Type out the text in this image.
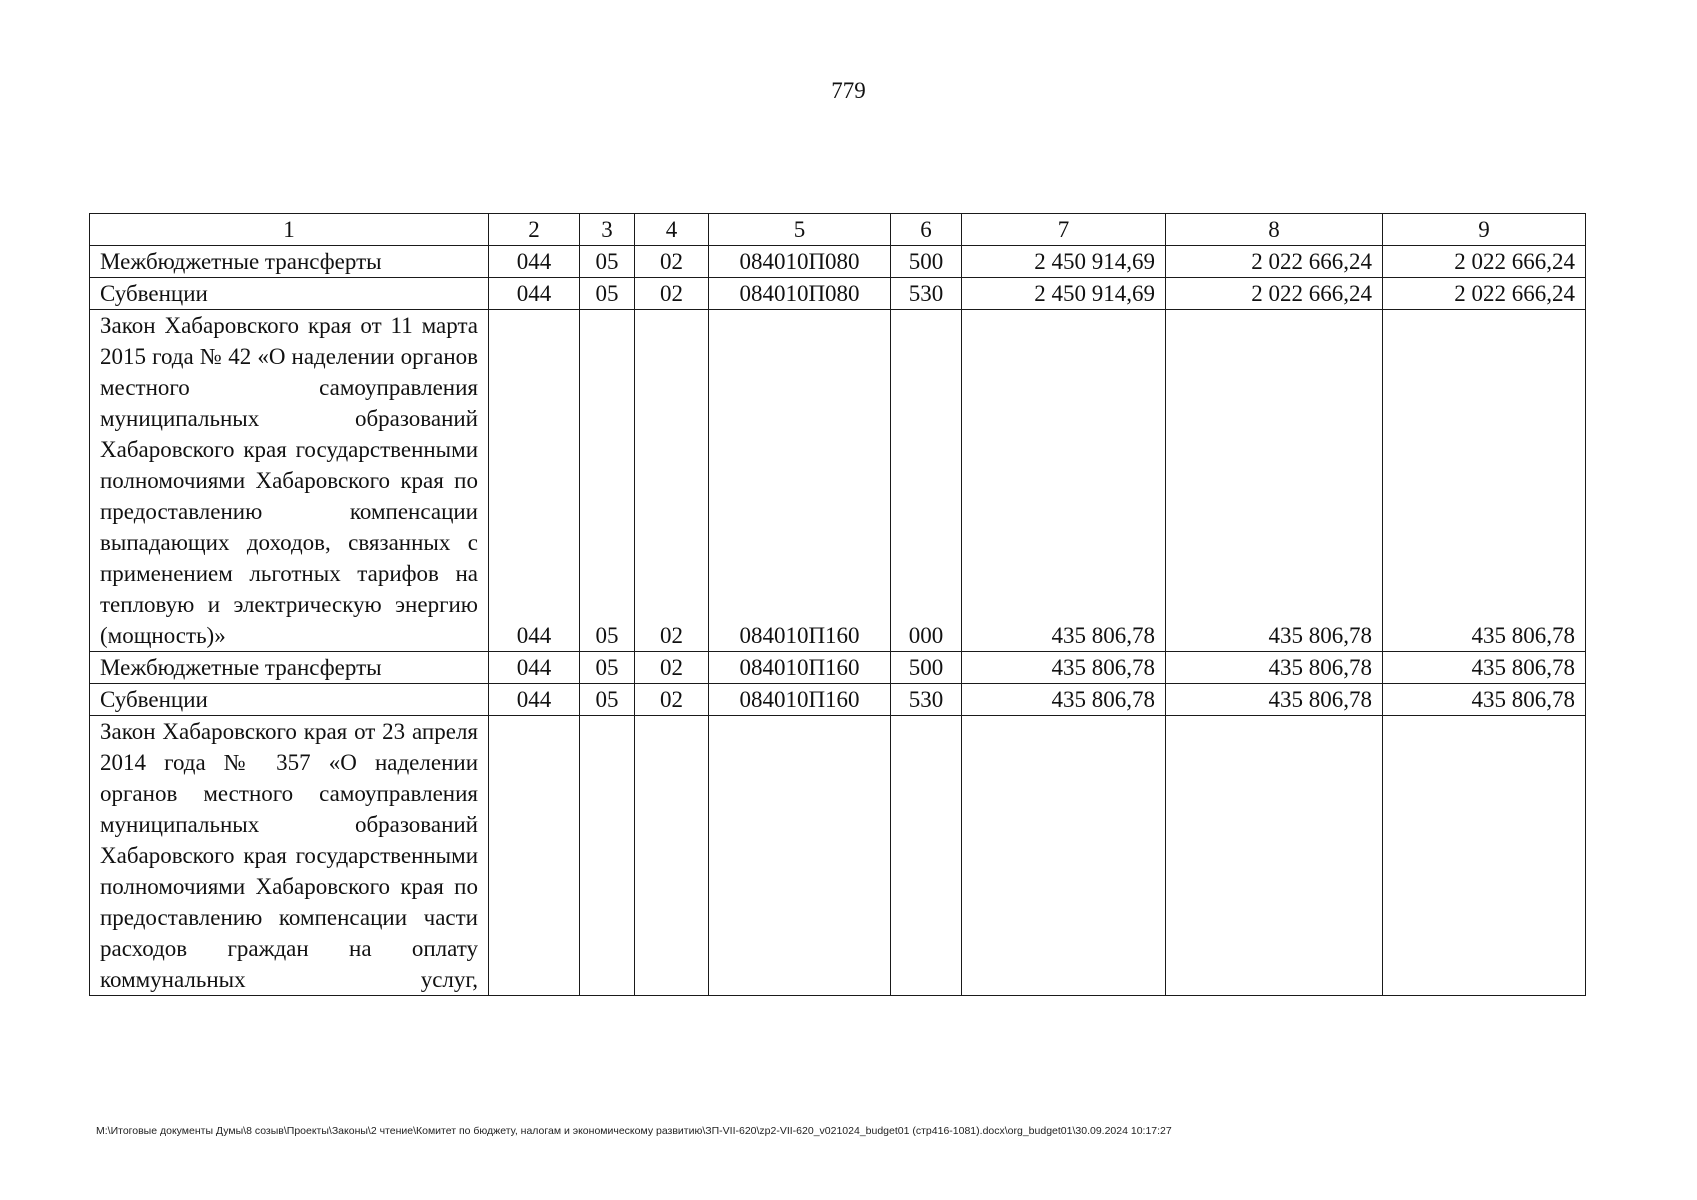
779
1	2	3	4	5	6	7	8	9
Межбюджетные трансферты	044	05	02	084010П080	500	2 450 914,69	2 022 666,24	2 022 666,24
Субвенции	044	05	02	084010П080	530	2 450 914,69	2 022 666,24	2 022 666,24
Закон Хабаровского края от 11 марта 2015 года № 42 «О наделении органов местного самоуправления муниципальных образований Хабаровского края государственными полномочиями Хабаровского края по предоставлению компенсации выпадающих доходов, связанных с применением льготных тарифов на тепловую и электрическую энергию (мощность)»	044	05	02	084010П160	000	435 806,78	435 806,78	435 806,78
Межбюджетные трансферты	044	05	02	084010П160	500	435 806,78	435 806,78	435 806,78
Субвенции	044	05	02	084010П160	530	435 806,78	435 806,78	435 806,78
Закон Хабаровского края от 23 апреля 2014 года № 357 «О наделении органов местного самоуправления муниципальных образований Хабаровского края государственными полномочиями Хабаровского края по предоставлению компенсации части расходов граждан на оплату коммунальных услуг,								
M:\Итоговые документы Думы\8 созыв\Проекты\Законы\2 чтение\Комитет по бюджету, налогам и экономическому развитию\ЗП-VII-620\zp2-VII-620_v021024_budget01 (стр416-1081).docx\org_budget01\30.09.2024 10:17:27
